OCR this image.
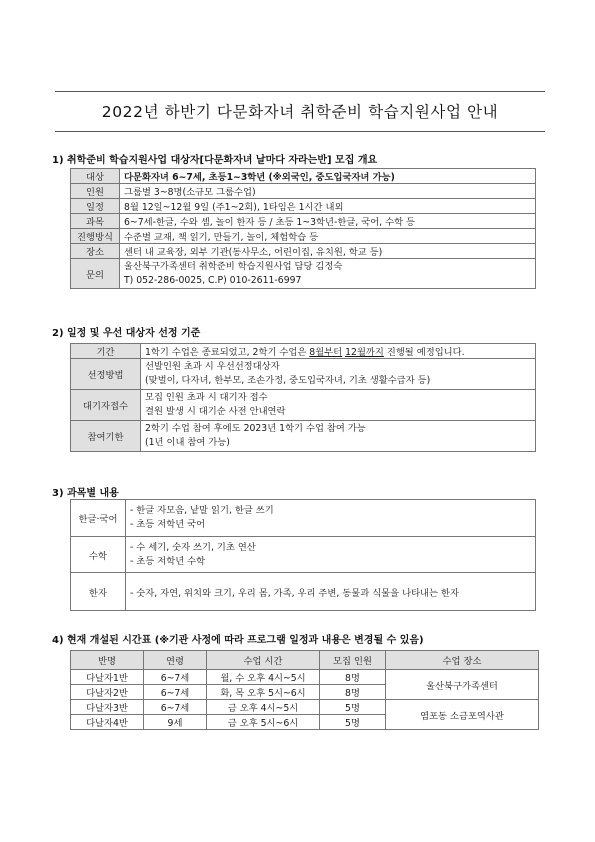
2022년 하반기 다문화자녀 취학준비 학습지원사업 안내
1) 취학준비 학습지원사업 대상자[다문화자녀 날마다 자라는반] 모집 개요
대상	다문화자녀 6~7세, 초등1~3학년 (※외국인, 중도입국자녀 가능)
인원	그룹별 3~8명(소규모 그룹수업)
일정	8월 12일~12월 9일 (주1~2회), 1타임은 1시간 내외
과목	6~7세-한글, 수와 셈, 놀이 한자 등 / 초등 1~3학년-한글, 국어, 수학 등
진행방식	수준별 교재, 책 읽기, 만들기, 놀이, 체험학습 등
장소	센터 내 교육장, 외부 기관(동사무소, 어린이집, 유치원, 학교 등)
문의	울산북구가족센터 취학준비 학습지원사업 담당 김정숙
T) 052-286-0025, C.P) 010-2611-6997
2) 일정 및 우선 대상자 선정 기준
기간	1학기 수업은 종료되었고, 2학기 수업은 8월부터 12월까지 진행될 예정입니다.
선정방법	선발인원 초과 시 우선선정대상자
(맞벌이, 다자녀, 한부모, 조손가정, 중도입국자녀, 기초 생활수급자 등)

대기자접수	모집 인원 초과 시 대기자 접수
결원 발생 시 대기순 사전 안내연락

참여기한	2학기 수업 참여 후에도 2023년 1학기 수업 참여 가능
(1년 이내 참여 가능)
3) 과목별 내용
한글·국어	- 한글 자모음, 낱말 읽기, 한글 쓰기
- 초등 저학년 국어

수학	- 수 세기, 숫자 쓰기, 기초 연산
- 초등 저학년 수학

한자	- 숫자, 자연, 위치와 크기, 우리 몸, 가족, 우리 주변, 동물과 식물을 나타내는 한자
4) 현재 개설된 시간표 (※기관 사정에 따라 프로그램 일정과 내용은 변경될 수 있음)
반명	연령	수업 시간	모집 인원	수업 장소
다날자1반	6~7세	월, 수 오후 4시~5시	8명	울산북구가족센터
다날자2반	6~7세	화, 목 오후 5시~6시	8명	
다날자3반	6~7세	금 오후 4시~5시	5명	염포동 소금포역사관
다날자4반	9세	금 오후 5시~6시	5명	
